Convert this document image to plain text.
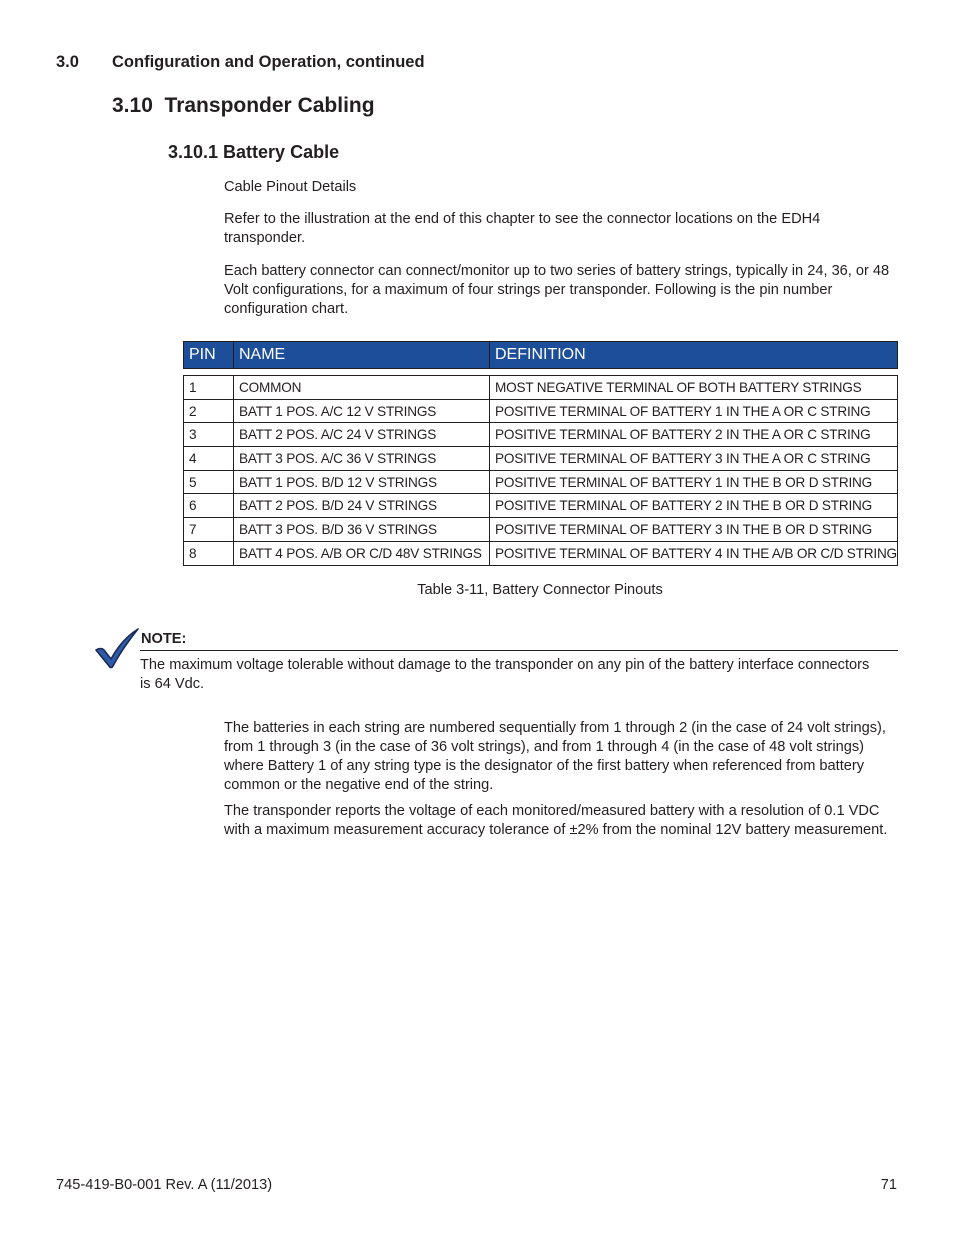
3.0 Configuration and Operation, continued
3.10  Transponder Cabling
3.10.1 Battery Cable
Cable Pinout Details
Refer to the illustration at the end of this chapter to see the connector locations on the EDH4 transponder.
Each battery connector can connect/monitor up to two series of battery strings, typically in 24, 36, or 48 Volt configurations, for a maximum of four strings per transponder. Following is the pin number configuration chart.
PIN	NAME	DEFINITION

1	COMMON	MOST NEGATIVE TERMINAL OF BOTH BATTERY STRINGS
2	BATT 1 POS. A/C 12 V STRINGS	POSITIVE TERMINAL OF BATTERY 1 IN THE A OR C STRING
3	BATT 2 POS. A/C 24 V STRINGS	POSITIVE TERMINAL OF BATTERY 2 IN THE A OR C STRING
4	BATT 3 POS. A/C 36 V STRINGS	POSITIVE TERMINAL OF BATTERY 3 IN THE A OR C STRING
5	BATT 1 POS. B/D 12 V STRINGS	POSITIVE TERMINAL OF BATTERY 1 IN THE B OR D STRING
6	BATT 2 POS. B/D 24 V STRINGS	POSITIVE TERMINAL OF BATTERY 2 IN THE B OR D STRING
7	BATT 3 POS. B/D 36 V STRINGS	POSITIVE TERMINAL OF BATTERY 3 IN THE B OR D STRING
8	BATT 4 POS. A/B OR C/D 48V STRINGS	POSITIVE TERMINAL OF BATTERY 4 IN THE A/B OR C/D STRING
Table 3-11, Battery Connector Pinouts
NOTE:
The maximum voltage tolerable without damage to the transponder on any pin of the battery interface connectors is 64 Vdc.
The batteries in each string are numbered sequentially from 1 through 2 (in the case of 24 volt strings), from 1 through 3 (in the case of 36 volt strings), and from 1 through 4 (in the case of 48 volt strings) where Battery 1 of any string type is the designator of the first battery when referenced from battery common or the negative end of the string.
The transponder reports the voltage of each monitored/measured battery with a resolution of 0.1 VDC with a maximum measurement accuracy tolerance of ±2% from the nominal 12V battery measurement.
745-419-B0-001 Rev. A (11/2013)	71
